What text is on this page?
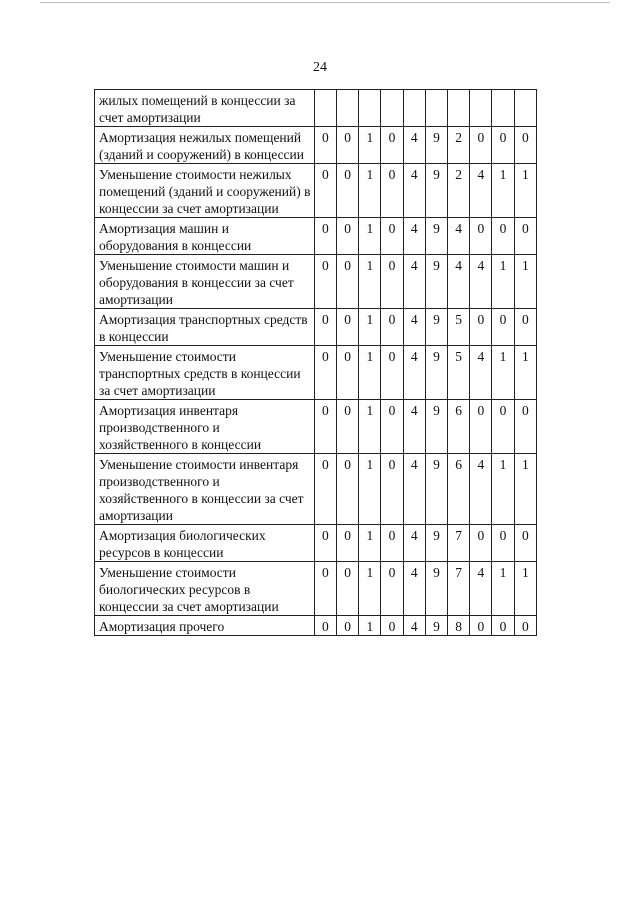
24
жилых помещений в концессии за счет амортизации										
Амортизация нежилых помещений (зданий и сооружений) в концессии	0	0	1	0	4	9	2	0	0	0
Уменьшение стоимости нежилых помещений (зданий и сооружений) в концессии за счет амортизации	0	0	1	0	4	9	2	4	1	1
Амортизация машин и оборудования в концессии	0	0	1	0	4	9	4	0	0	0
Уменьшение стоимости машин и оборудования в концессии за счет амортизации	0	0	1	0	4	9	4	4	1	1
Амортизация транспортных средств в концессии	0	0	1	0	4	9	5	0	0	0
Уменьшение стоимости транспортных средств в концессии за счет амортизации	0	0	1	0	4	9	5	4	1	1
Амортизация инвентаря производственного и хозяйственного в концессии	0	0	1	0	4	9	6	0	0	0
Уменьшение стоимости инвентаря производственного и хозяйственного в концессии за счет амортизации	0	0	1	0	4	9	6	4	1	1
Амортизация биологических ресурсов в концессии	0	0	1	0	4	9	7	0	0	0
Уменьшение стоимости биологических ресурсов в концессии за счет амортизации	0	0	1	0	4	9	7	4	1	1
Амортизация прочего	0	0	1	0	4	9	8	0	0	0
